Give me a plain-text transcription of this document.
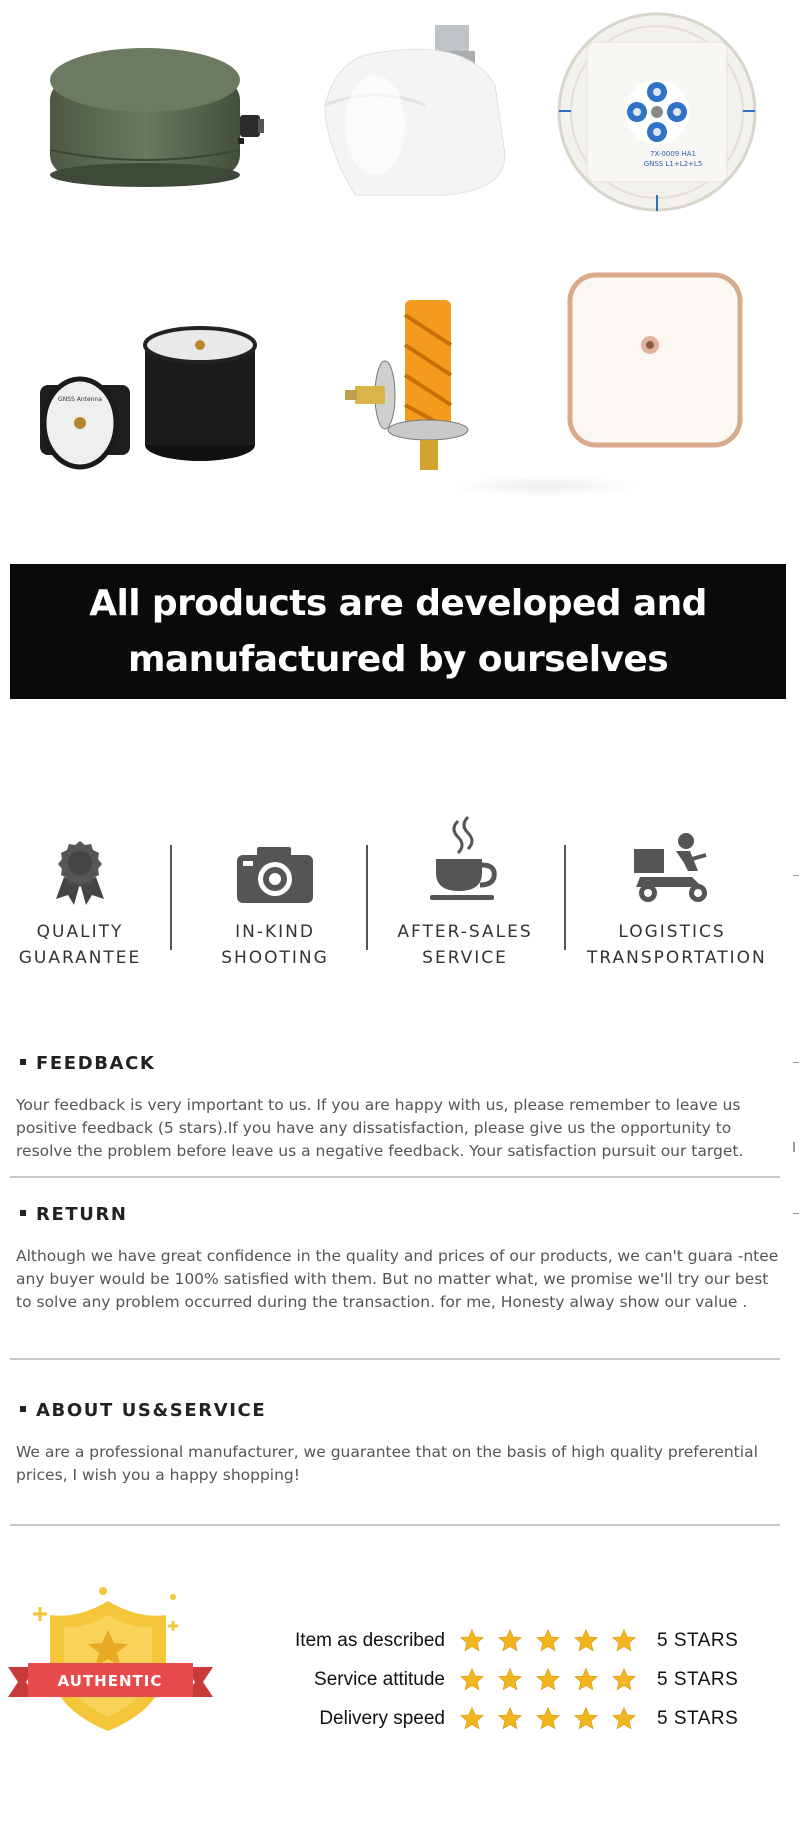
7X-0009 HA1
GNSS L1+L2+L5
GNSS Antenna
All products are developed and
manufactured by ourselves
QUALITY
GUARANTEE
IN-KIND
SHOOTING
AFTER-SALES
SERVICE
LOGISTICS
TRANSPORTATION
FEEDBACK
Your feedback is very important to us. If you are happy with us, please remember to leave us positive feedback (5 stars).If you have any dissatisfaction, please give us the opportunity to resolve the problem before leave us a negative feedback. Your satisfaction pursuit our target.
RETURN
Although we have great confidence in the quality and prices of our products, we can't guara -ntee any buyer would be 100% satisfied with them. But no matter what, we promise we'll try our best to solve any problem occurred during the transaction. for me, Honesty alway show our value .
ABOUT US&SERVICE
We are a professional manufacturer, we guarantee that on the basis of high quality preferential prices, I wish you a happy shopping!
AUTHENTIC
Item as described	5 STARS
Service attitude	5 STARS
Delivery speed	5 STARS
